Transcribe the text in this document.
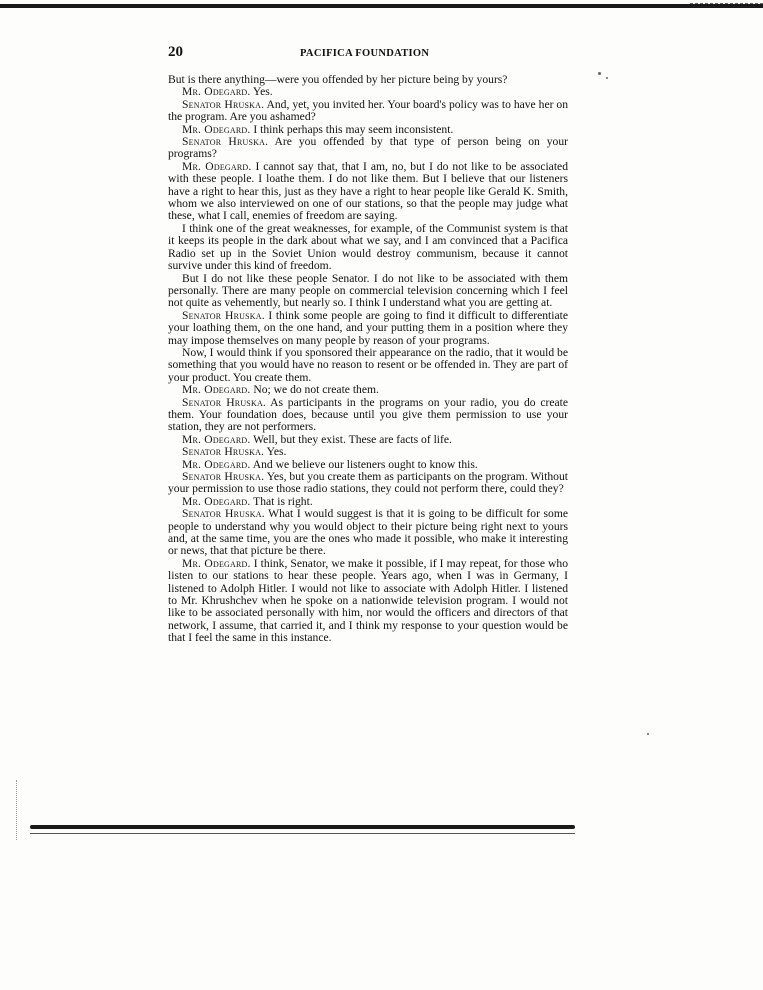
20	PACIFICA FOUNDATION

But is there anything—were you offended by her picture being by yours?

Mr. Odegard. Yes.

Senator Hruska. And, yet, you invited her. Your board's policy was to have her on the program. Are you ashamed?

Mr. Odegard. I think perhaps this may seem inconsistent.

Senator Hruska. Are you offended by that type of person being on your programs?

Mr. Odegard. I cannot say that, that I am, no, but I do not like to be associated with these people. I loathe them. I do not like them. But I believe that our listeners have a right to hear this, just as they have a right to hear people like Gerald K. Smith, whom we also interviewed on one of our stations, so that the people may judge what these, what I call, enemies of freedom are saying.

I think one of the great weaknesses, for example, of the Communist system is that it keeps its people in the dark about what we say, and I am convinced that a Pacifica Radio set up in the Soviet Union would destroy communism, because it cannot survive under this kind of freedom.

But I do not like these people Senator. I do not like to be associated with them personally. There are many people on commercial television concerning which I feel not quite as vehemently, but nearly so. I think I understand what you are getting at.

Senator Hruska. I think some people are going to find it difficult to differentiate your loathing them, on the one hand, and your putting them in a position where they may impose themselves on many people by reason of your programs.

Now, I would think if you sponsored their appearance on the radio, that it would be something that you would have no reason to resent or be offended in. They are part of your product. You create them.

Mr. Odegard. No; we do not create them.

Senator Hruska. As participants in the programs on your radio, you do create them. Your foundation does, because until you give them permission to use your station, they are not performers.

Mr. Odegard. Well, but they exist. These are facts of life.

Senator Hruska. Yes.

Mr. Odegard. And we believe our listeners ought to know this.

Senator Hruska. Yes, but you create them as participants on the program. Without your permission to use those radio stations, they could not perform there, could they?

Mr. Odegard. That is right.

Senator Hruska. What I would suggest is that it is going to be difficult for some people to understand why you would object to their picture being right next to yours and, at the same time, you are the ones who made it possible, who make it interesting or news, that that picture be there.

Mr. Odegard. I think, Senator, we make it possible, if I may repeat, for those who listen to our stations to hear these people. Years ago, when I was in Germany, I listened to Adolph Hitler. I would not like to associate with Adolph Hitler. I listened to Mr. Khrushchev when he spoke on a nationwide television program. I would not like to be associated personally with him, nor would the officers and directors of that network, I assume, that carried it, and I think my response to your question would be that I feel the same in this instance.
